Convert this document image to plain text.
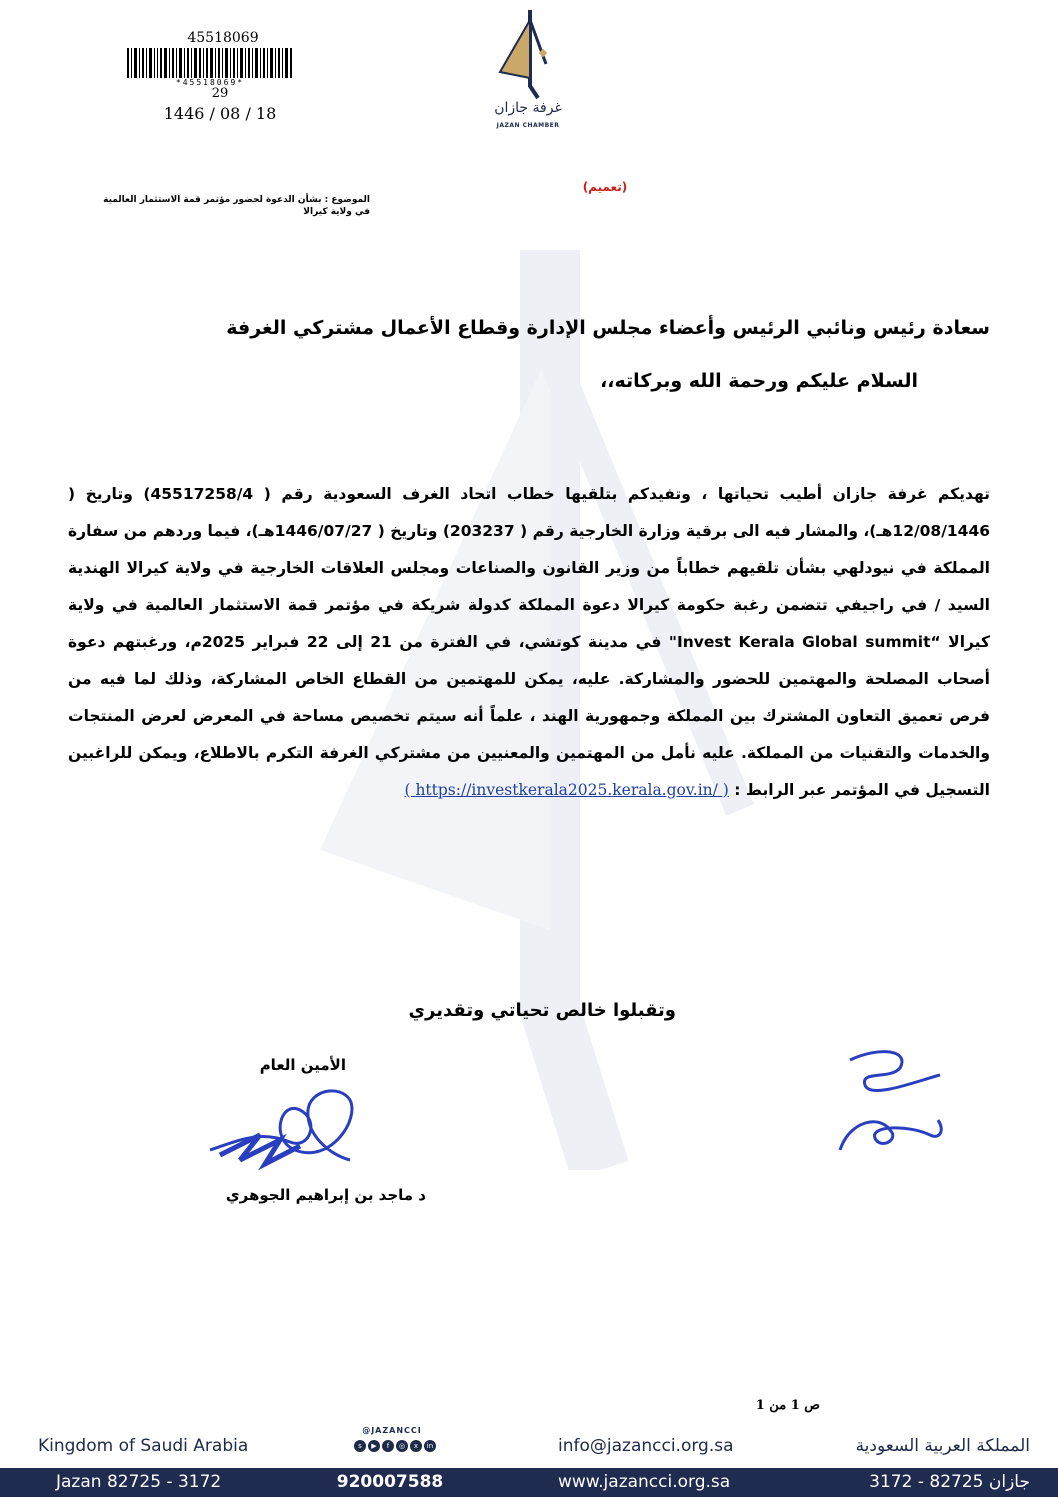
45518069
*45518069*
29
1446 / 08 / 18	غرفة جازان
JAZAN CHAMBER
(تعميم)
الموضوع : بشأن الدعوة لحضور مؤتمر قمة الاستثمار العالمية
في ولاية كيرالا
سعادة رئيس ونائبي الرئيس وأعضاء مجلس الإدارة وقطاع الأعمال مشتركي الغرفة
السلام عليكم ورحمة الله وبركاته،،
تهديكم غرفة جازان أطيب تحياتها ، وتفيدكم بتلقيها خطاب اتحاد الغرف السعودية رقم ( 45517258/4) وتاريخ ( 12/08/1446هـ)، والمشار فيه الى برقية وزارة الخارجية رقم ( 203237) وتاريخ ( 1446/07/27هـ)، فيما وردهم من سفارة المملكة في نيودلهي بشأن تلقيهم خطاباً من وزير القانون والصناعات ومجلس العلاقات الخارجية في ولاية كيرالا الهندية السيد / في راجيفي تتضمن رغبة حكومة كيرالا دعوة المملكة كدولة شريكة في مؤتمر قمة الاستثمار العالمية في ولاية كيرالا “Invest Kerala Global summit" في مدينة كوتشي، في الفترة من 21 إلى 22 فبراير 2025م، ورغبتهم دعوة أصحاب المصلحة والمهتمين للحضور والمشاركة. عليه، يمكن للمهتمين من القطاع الخاص المشاركة، وذلك لما فيه من فرص تعميق التعاون المشترك بين المملكة وجمهورية الهند ، علماً أنه سيتم تخصيص مساحة في المعرض لعرض المنتجات والخدمات والتقنيات من المملكة. عليه نأمل من المهتمين والمعنيين من مشتركي الغرفة التكرم بالاطلاع، ويمكن للراغبين التسجيل في المؤتمر عبر الرابط : ( https://investkerala2025.kerala.gov.in/ )
وتقبلوا خالص تحياتي وتقديري
الأمين العام
د ماجد بن إبراهيم الجوهري
ص 1 من 1
Kingdom of Saudi Arabia
@JAZANCCI
s	▶	f	◎	x	in	info@jazancci.org.sa	المملكة العربية السعودية
Jazan 82725 - 3172	920007588	www.jazancci.org.sa	جازان 82725 - 3172
